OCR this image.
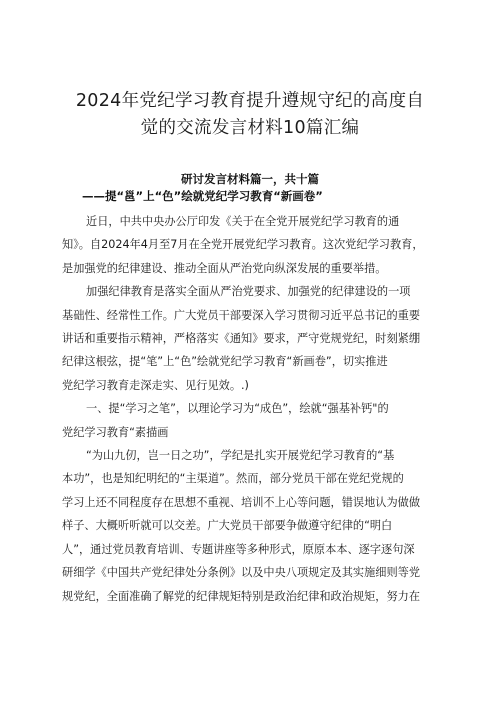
2024年党纪学习教育提升遵规守纪的高度自
觉的交流发言材料10篇汇编
研讨发言材料篇一，共十篇
——提“邕”上“色”绘就党纪学习教育“新画卷”
近日，中共中央办公厅印发《关于在全党开展党纪学习教育的通
知》。自2024年4月至7月在全党开展党纪学习教育。这次党纪学习教育，
是加强党的纪律建设、推动全面从严治党向纵深发展的重要举措。
加强纪律教育是落实全面从严治党要求、加强党的纪律建设的一项
基础性、经常性工作。广大党员干部要深入学习贯彻习近平总书记的重要
讲话和重要指示精神，严格落实《通知》要求，严守党规党纪，时刻紧绷
纪律这根弦，提“笔”上“色”绘就党纪学习教育“新画卷”，切实推进
党纪学习教育走深走实、见行见效。.)
一、提“学习之笔”，以理论学习为“成色”，绘就“强基补钙"的
党纪学习教育“素描画
“为山九仞，岂一日之功”，学纪是扎实开展党纪学习教育的“基
本功”，也是知纪明纪的“主渠道”。然而，部分党员干部在党纪党规的
学习上还不同程度存在思想不重视、培训不上心等问题，错误地认为做做
样子、大概听听就可以交差。广大党员干部要争做遵守纪律的“明白
人”，通过党员教育培训、专题讲座等多种形式，原原本本、逐字逐句深
研细学《中国共产党纪律处分条例》以及中央八项规定及其实施细则等党
规党纪，全面准确了解党的纪律规矩特别是政治纪律和政治规矩，努力在
